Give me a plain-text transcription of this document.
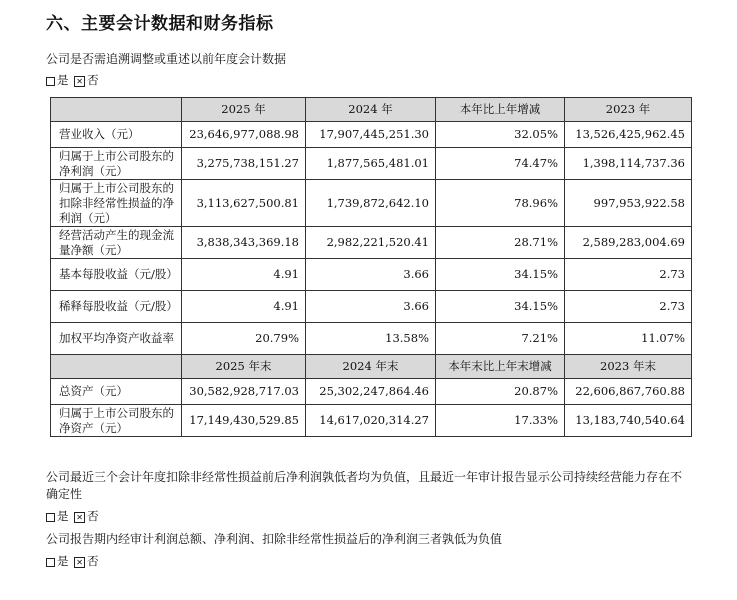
六、主要会计数据和财务指标
公司是否需追溯调整或重述以前年度会计数据
是 ✕ 否
	2025 年	2024 年	本年比上年增减	2023 年
营业收入（元）	23,646,977,088.98	17,907,445,251.30	32.05%	13,526,425,962.45
归属于上市公司股东的净利润（元）	3,275,738,151.27	1,877,565,481.01	74.47%	1,398,114,737.36
归属于上市公司股东的扣除非经常性损益的净利润（元）	3,113,627,500.81	1,739,872,642.10	78.96%	997,953,922.58
经营活动产生的现金流量净额（元）	3,838,343,369.18	2,982,221,520.41	28.71%	2,589,283,004.69
基本每股收益（元/股）	4.91	3.66	34.15%	2.73
稀释每股收益（元/股）	4.91	3.66	34.15%	2.73
加权平均净资产收益率	20.79%	13.58%	7.21%	11.07%
	2025 年末	2024 年末	本年末比上年末增减	2023 年末
总资产（元）	30,582,928,717.03	25,302,247,864.46	20.87%	22,606,867,760.88
归属于上市公司股东的净资产（元）	17,149,430,529.85	14,617,020,314.27	17.33%	13,183,740,540.64
公司最近三个会计年度扣除非经常性损益前后净利润孰低者均为负值，且最近一年审计报告显示公司持续经营能力存在不确定性
是 ✕ 否
公司报告期内经审计利润总额、净利润、扣除非经常性损益后的净利润三者孰低为负值
是 ✕ 否
